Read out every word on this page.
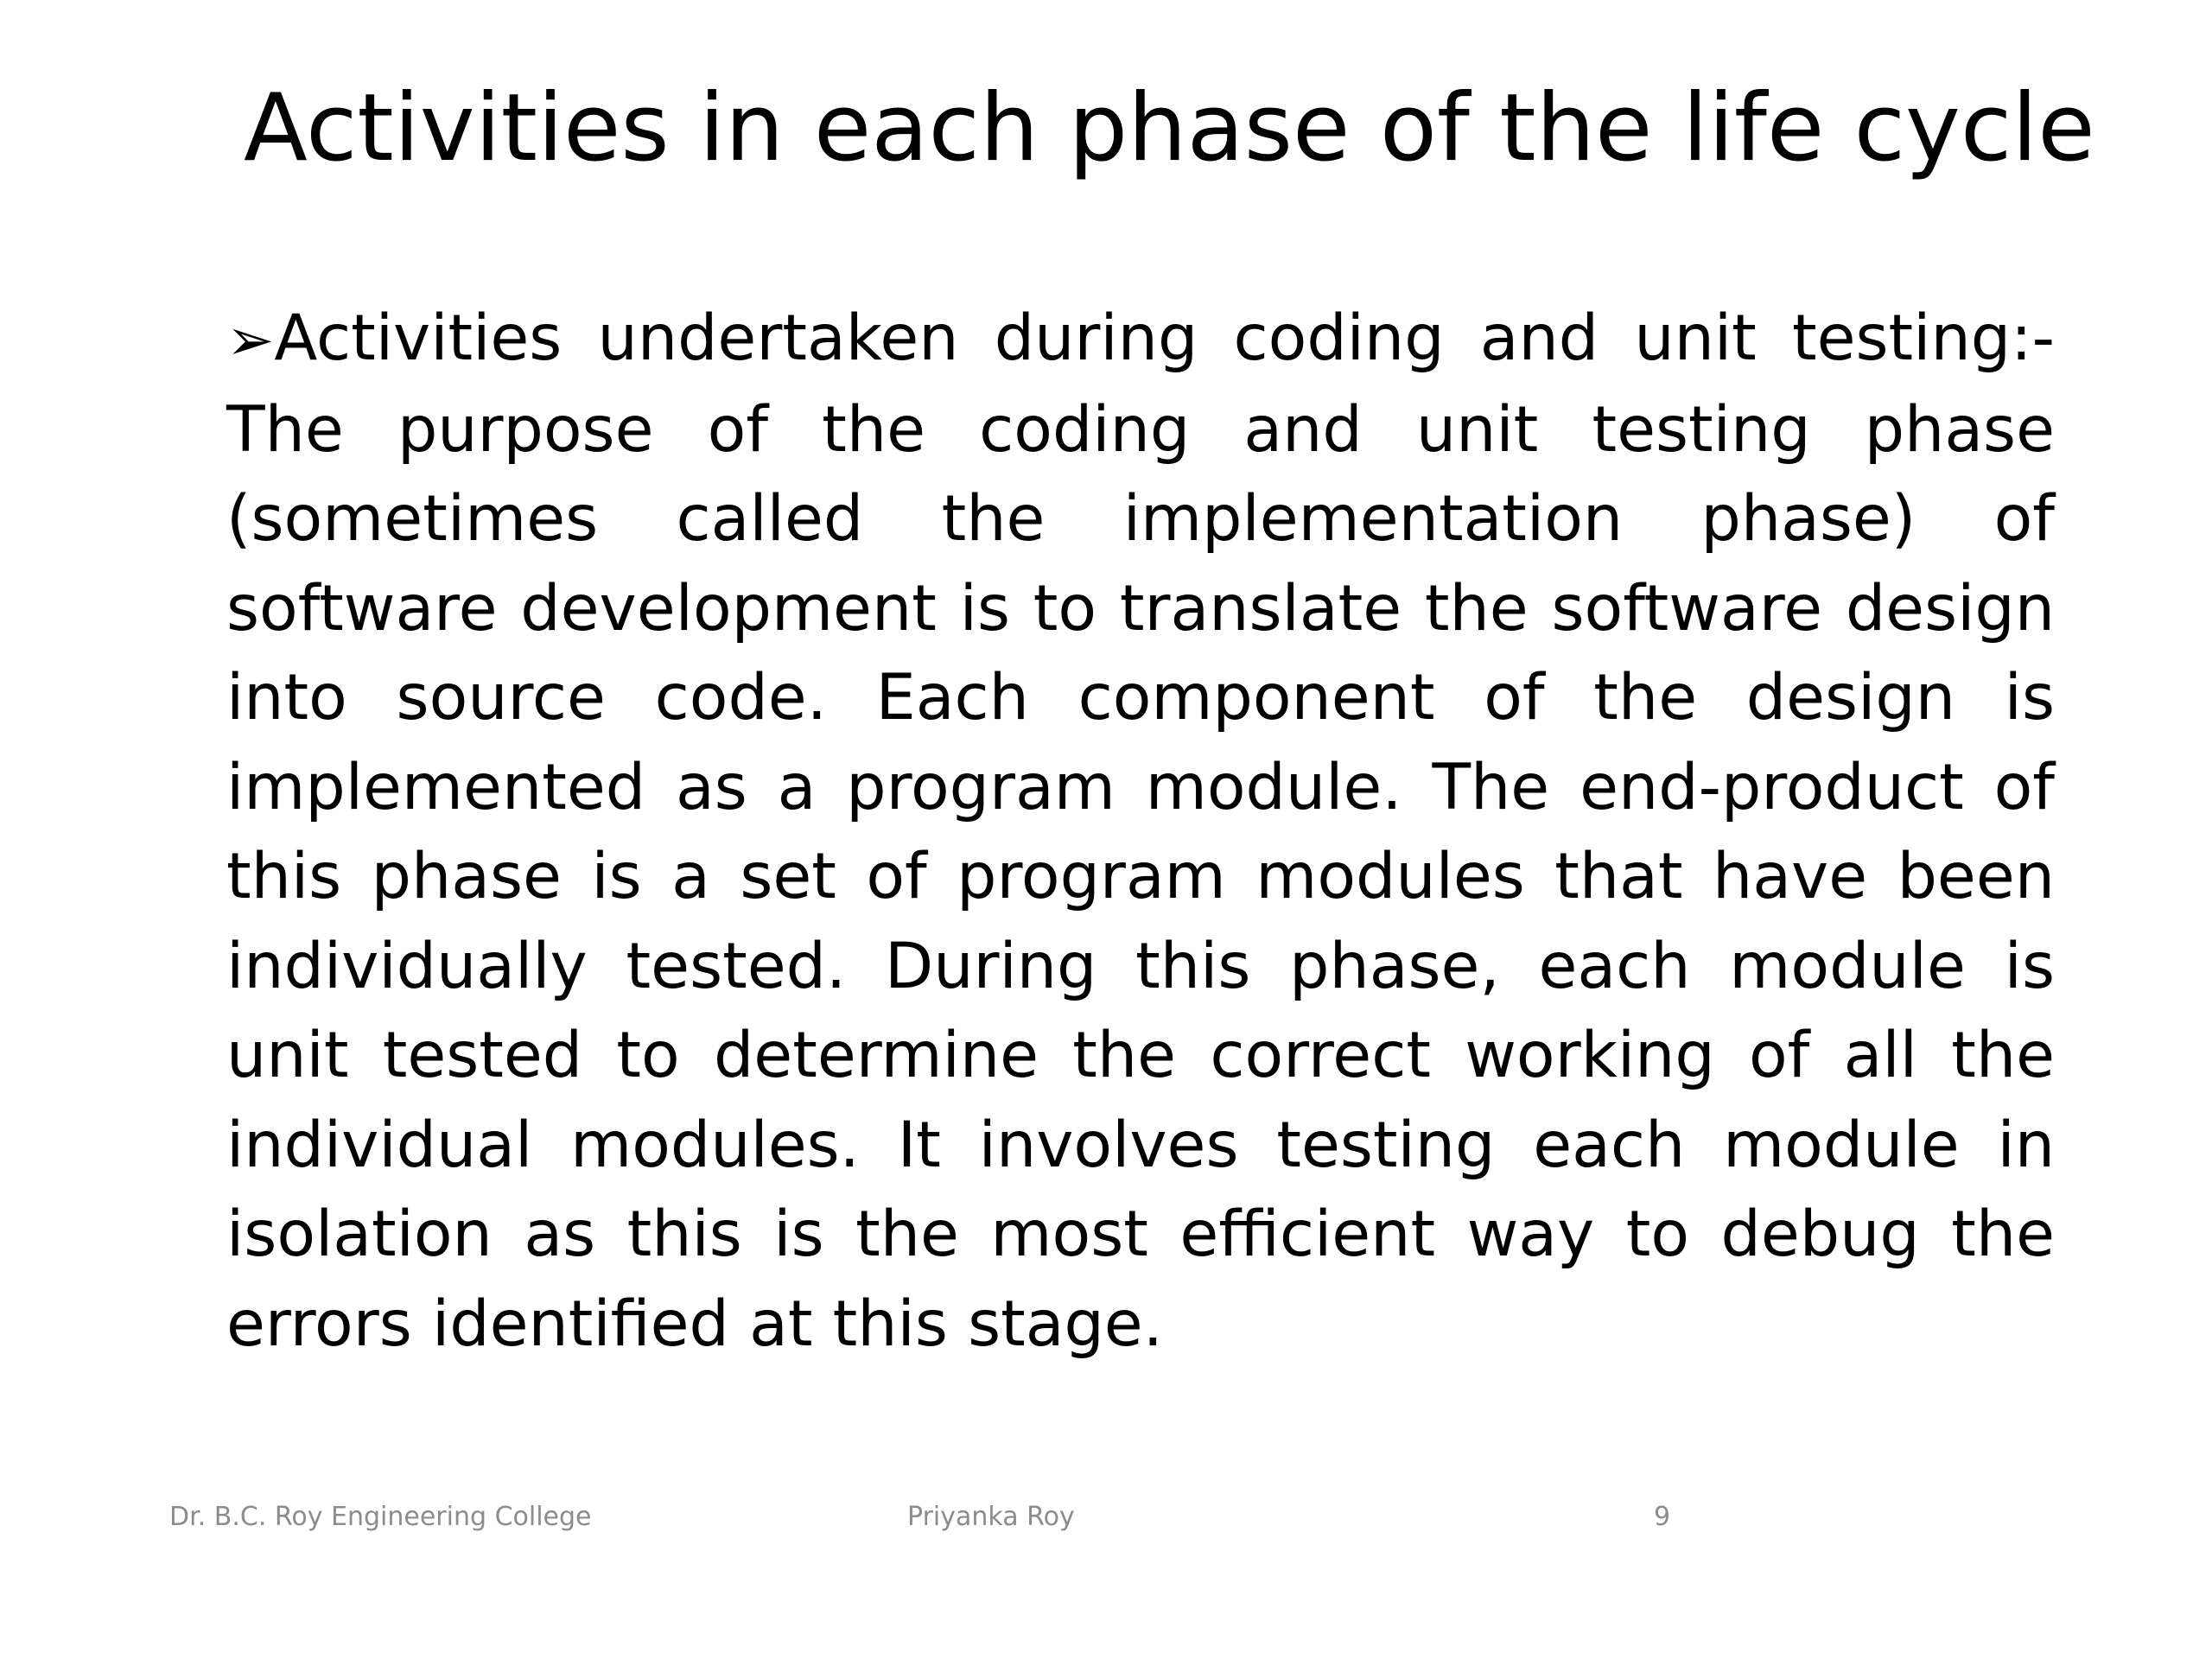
Activities in each phase of the life cycle

➢Activities undertaken during coding and unit testing:- The purpose of the coding and unit testing phase (sometimes called the implementation phase) of software development is to translate the software design into source code. Each component of the design is implemented as a program module. The end-product of this phase is a set of program modules that have been individually tested. During this phase, each module is unit tested to determine the correct working of all the individual modules. It involves testing each module in isolation as this is the most efficient way to debug the errors identified at this stage.

Dr. B.C. Roy Engineering College	Priyanka Roy	9
